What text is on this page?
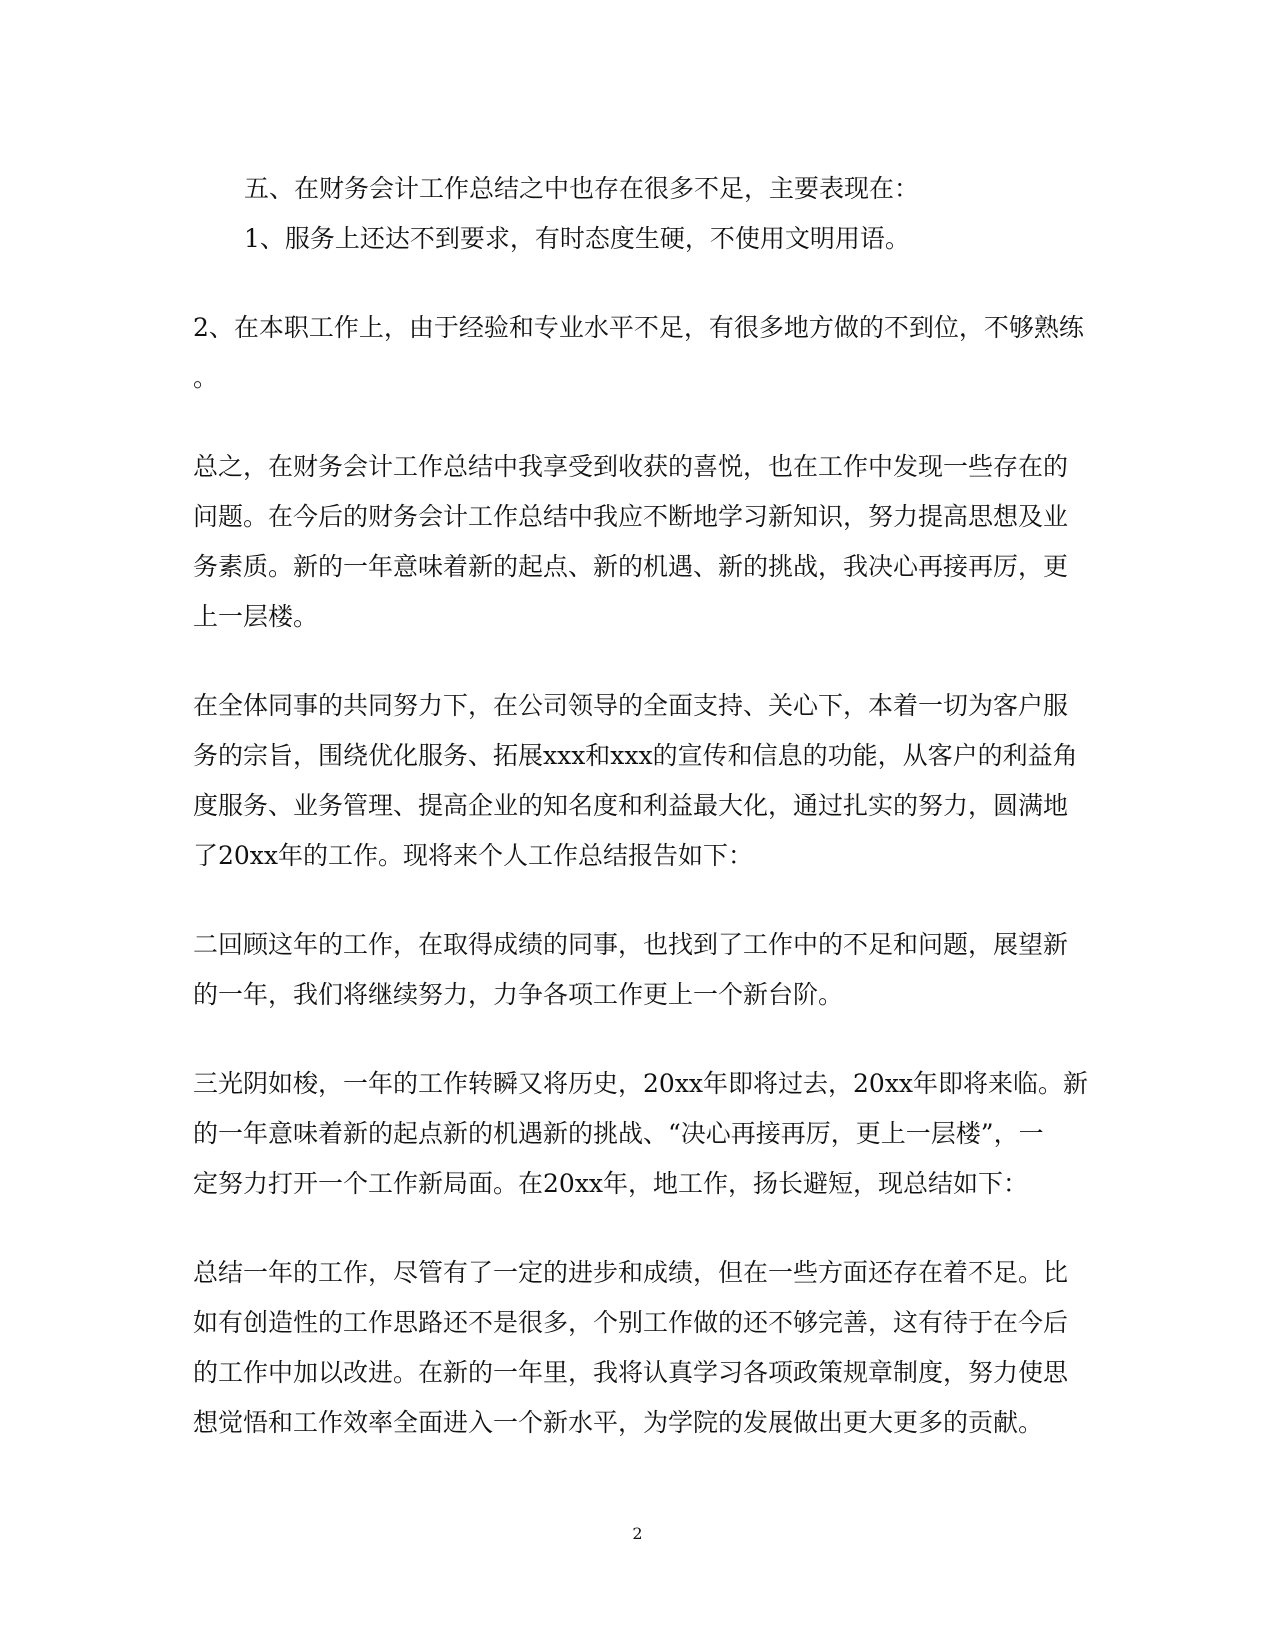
五、在财务会计工作总结之中也存在很多不足，主要表现在：
1、服务上还达不到要求，有时态度生硬，不使用文明用语。
2、在本职工作上，由于经验和专业水平不足，有很多地方做的不到位，不够熟练
。
总之，在财务会计工作总结中我享受到收获的喜悦，也在工作中发现一些存在的
问题。在今后的财务会计工作总结中我应不断地学习新知识，努力提高思想及业
务素质。新的一年意味着新的起点、新的机遇、新的挑战，我决心再接再厉，更
上一层楼。
在全体同事的共同努力下，在公司领导的全面支持、关心下，本着一切为客户服
务的宗旨，围绕优化服务、拓展xxx和xxx的宣传和信息的功能，从客户的利益角
度服务、业务管理、提高企业的知名度和利益最大化，通过扎实的努力，圆满地
了20xx年的工作。现将来个人工作总结报告如下：
二回顾这年的工作，在取得成绩的同事，也找到了工作中的不足和问题，展望新
的一年，我们将继续努力，力争各项工作更上一个新台阶。
三光阴如梭，一年的工作转瞬又将历史，20xx年即将过去，20xx年即将来临。新
的一年意味着新的起点新的机遇新的挑战、“决心再接再厉，更上一层楼”，一
定努力打开一个工作新局面。在20xx年，地工作，扬长避短，现总结如下：
总结一年的工作，尽管有了一定的进步和成绩，但在一些方面还存在着不足。比
如有创造性的工作思路还不是很多，个别工作做的还不够完善，这有待于在今后
的工作中加以改进。在新的一年里，我将认真学习各项政策规章制度，努力使思
想觉悟和工作效率全面进入一个新水平，为学院的发展做出更大更多的贡献。
2
